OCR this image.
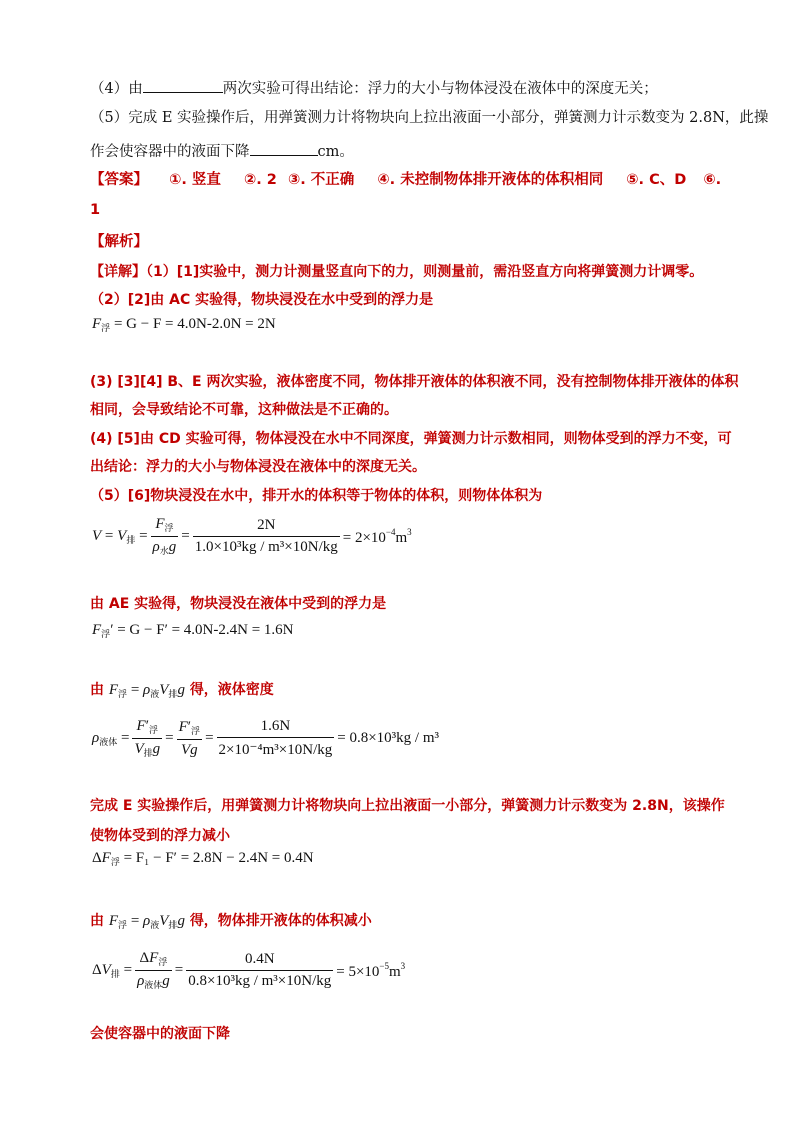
（4）由	两次实验可得出结论：浮力的大小与物体浸没在液体中的深度无关；
（5）完成 E 实验操作后，用弹簧测力计将物块向上拉出液面一小部分，弹簧测力计示数变为 2.8N，此操
作会使容器中的液面下降	cm。
【答案】 ①. 竖直 ②. 2 ③. 不正确 ④. 未控制物体排开液体的体积相同 ⑤. C、D ⑥.
1
【解析】
【详解】（1）[1]实验中，测力计测量竖直向下的力，则测量前，需沿竖直方向将弹簧测力计调零。
（2）[2]由 AC 实验得，物块浸没在水中受到的浮力是
$F_浮 = G - F = 4.0N-2.0N = 2N$
(3) [3][4] B、E 两次实验，液体密度不同，物体排开液体的体积液不同，没有控制物体排开液体的体积
相同，会导致结论不可靠，这种做法是不正确的。
(4) [5]由 CD 实验可得，物体浸没在水中不同深度，弹簧测力计示数相同，则物体受到的浮力不变，可
出结论：浮力的大小与物体浸没在液体中的深度无关。
（5）[6]物块浸没在水中，排开水的体积等于物体的体积，则物体体积为
$V = V_排 = \frac{F_浮}{\rho_水g} = \frac{2N}{\text{1.0×10³kg / m³×10N/kg}} = 2\times 10^{-4}m^3$
由 AE 实验得，物块浸没在液体中受到的浮力是
$F_浮' = G - F' = 4.0N-2.4N = 1.6N$
由 $F_浮 = \rho_液V_排g$ 得，液体密度
$\rho_{液体} = \frac{F'_浮}{V_排g} = \frac{F'_浮}{Vg} = \frac{1.6N}{\text{2×10⁻⁴m³×10N/kg}} = 0.8\times 10^3kg / m^3$
完成 E 实验操作后，用弹簧测力计将物块向上拉出液面一小部分，弹簧测力计示数变为 2.8N，该操作
使物体受到的浮力减小
$\Delta F_浮 = F_1 - F' = 2.8N - 2.4N = 0.4N$
由 $F_浮 = \rho_液V_排g$ 得，物体排开液体的体积减小
$\Delta V_排 = \frac{\Delta F_浮}{\rho_{液体}g} = \frac{0.4N}{\text{0.8×10³kg / m³×10N/kg}} = 5\times 10^{-5}m^3$
会使容器中的液面下降
